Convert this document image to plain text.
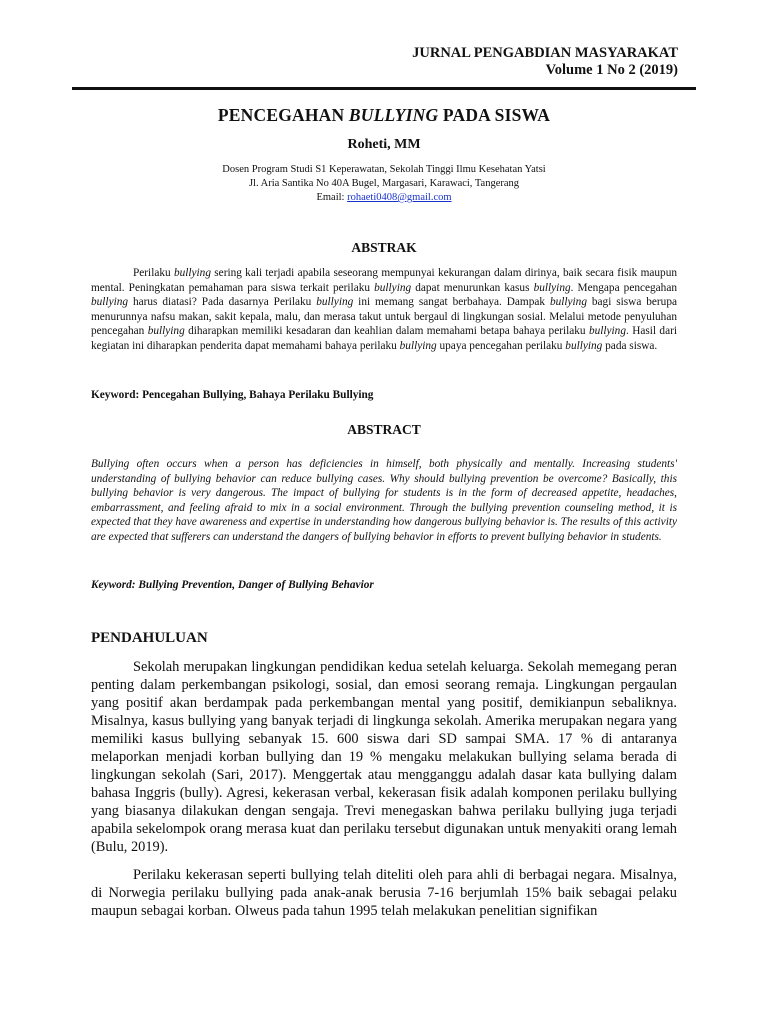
JURNAL PENGABDIAN MASYARAKAT
Volume 1 No 2 (2019)
PENCEGAHAN BULLYING PADA SISWA
Roheti, MM
Dosen Program Studi S1 Keperawatan, Sekolah Tinggi Ilmu Kesehatan Yatsi
Jl. Aria Santika No 40A Bugel, Margasari, Karawaci, Tangerang
Email: rohaeti0408@gmail.com
ABSTRAK

Perilaku bullying sering kali terjadi apabila seseorang mempunyai kekurangan dalam dirinya, baik secara fisik maupun mental. Peningkatan pemahaman para siswa terkait perilaku bullying dapat menurunkan kasus bullying. Mengapa pencegahan bullying harus diatasi? Pada dasarnya Perilaku bullying ini memang sangat berbahaya. Dampak bullying bagi siswa berupa menurunnya nafsu makan, sakit kepala, malu, dan merasa takut untuk bergaul di lingkungan sosial. Melalui metode penyuluhan pencegahan bullying diharapkan memiliki kesadaran dan keahlian dalam memahami betapa bahaya perilaku bullying. Hasil dari kegiatan ini diharapkan penderita dapat memahami bahaya perilaku bullying upaya pencegahan perilaku bullying pada siswa.

Keyword: Pencegahan Bullying, Bahaya Perilaku Bullying
ABSTRACT

Bullying often occurs when a person has deficiencies in himself, both physically and mentally. Increasing students' understanding of bullying behavior can reduce bullying cases. Why should bullying prevention be overcome? Basically, this bullying behavior is very dangerous. The impact of bullying for students is in the form of decreased appetite, headaches, embarrassment, and feeling afraid to mix in a social environment. Through the bullying prevention counseling method, it is expected that they have awareness and expertise in understanding how dangerous bullying behavior is. The results of this activity are expected that sufferers can understand the dangers of bullying behavior in efforts to prevent bullying behavior in students.

Keyword: Bullying Prevention, Danger of Bullying Behavior
PENDAHULUAN

Sekolah merupakan lingkungan pendidikan kedua setelah keluarga. Sekolah memegang peran penting dalam perkembangan psikologi, sosial, dan emosi seorang remaja. Lingkungan pergaulan yang positif akan berdampak pada perkembangan mental yang positif, demikianpun sebaliknya. Misalnya, kasus bullying yang banyak terjadi di lingkunga sekolah. Amerika merupakan negara yang memiliki kasus bullying sebanyak 15. 600 siswa dari SD sampai SMA. 17 % di antaranya melaporkan menjadi korban bullying dan 19 % mengaku melakukan bullying selama berada di lingkungan sekolah (Sari, 2017). Menggertak atau mengganggu adalah dasar kata bullying dalam bahasa Inggris (bully). Agresi, kekerasan verbal, kekerasan fisik adalah komponen perilaku bullying yang biasanya dilakukan dengan sengaja. Trevi menegaskan bahwa perilaku bullying juga terjadi apabila sekelompok orang merasa kuat dan perilaku tersebut digunakan untuk menyakiti orang lemah (Bulu, 2019).

Perilaku kekerasan seperti bullying telah diteliti oleh para ahli di berbagai negara. Misalnya, di Norwegia perilaku bullying pada anak-anak berusia 7-16 berjumlah 15% baik sebagai pelaku maupun sebagai korban. Olweus pada tahun 1995 telah melakukan penelitian signifikan
